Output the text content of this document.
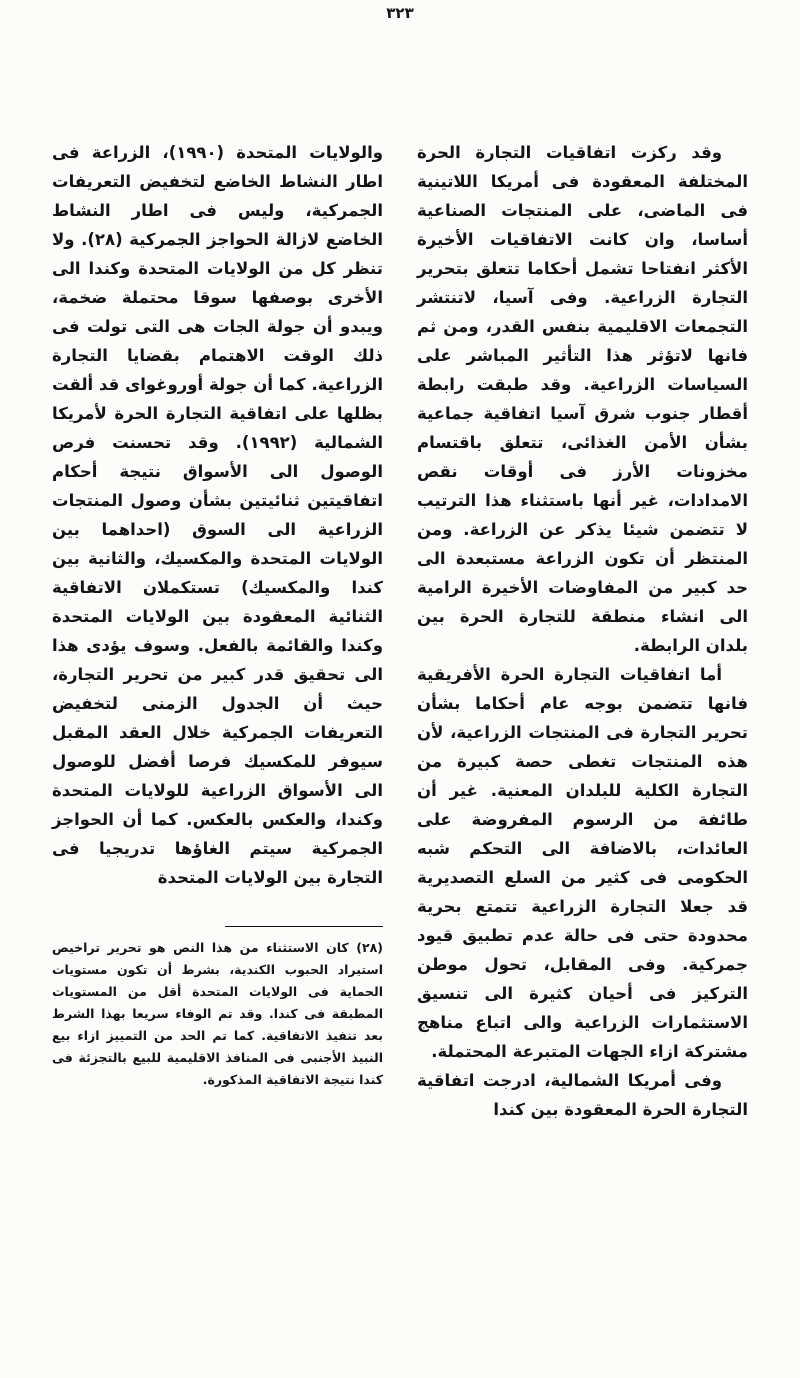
٣٢٣

وقد ركزت اتفاقيات التجارة الحرة المختلفة المعقودة فى أمريكا اللاتينية فى الماضى، على المنتجات الصناعية أساسا، وان كانت الاتفاقيات الأخيرة الأكثر انفتاحا تشمل أحكاما تتعلق بتحرير التجارة الزراعية. وفى آسيا، لاتنتشر التجمعات الاقليمية بنفس القدر، ومن ثم فانها لاتؤثر هذا التأثير المباشر على السياسات الزراعية. وقد طبقت رابطة أقطار جنوب شرق آسيا اتفاقية جماعية بشأن الأمن الغذائى، تتعلق باقتسام مخزونات الأرز فى أوقات نقص الامدادات، غير أنها باستثناء هذا الترتيب لا تتضمن شيئا يذكر عن الزراعة. ومن المنتظر أن تكون الزراعة مستبعدة الى حد كبير من المفاوضات الأخيرة الرامية الى انشاء منطقة للتجارة الحرة بين بلدان الرابطة.

أما اتفاقيات التجارة الحرة الأفريقية فانها تتضمن بوجه عام أحكاما بشأن تحرير التجارة فى المنتجات الزراعية، لأن هذه المنتجات تغطى حصة كبيرة من التجارة الكلية للبلدان المعنية. غير أن طائفة من الرسوم المفروضة على العائدات، بالاضافة الى التحكم شبه الحكومى فى كثير من السلع التصديرية قد جعلا التجارة الزراعية تتمتع بحرية محدودة حتى فى حالة عدم تطبيق قيود جمركية. وفى المقابل، تحول موطن التركيز فى أحيان كثيرة الى تنسيق الاستثمارات الزراعية والى اتباع مناهج مشتركة ازاء الجهات المتبرعة المحتملة.

وفى أمريكا الشمالية، ادرجت اتفاقية التجارة الحرة المعقودة بين كندا

والولايات المتحدة (١٩٩٠)، الزراعة فى اطار النشاط الخاضع لتخفيض التعريفات الجمركية، وليس فى اطار النشاط الخاضع لازالة الحواجز الجمركية (٢٨). ولا تنظر كل من الولايات المتحدة وكندا الى الأخرى بوصفها سوقا محتملة ضخمة، ويبدو أن جولة الجات هى التى تولت فى ذلك الوقت الاهتمام بقضايا التجارة الزراعية. كما أن جولة أوروغواى قد ألقت بظلها على اتفاقية التجارة الحرة لأمريكا الشمالية (١٩٩٢). وقد تحسنت فرص الوصول الى الأسواق نتيجة أحكام اتفاقيتين ثنائيتين بشأن وصول المنتجات الزراعية الى السوق (احداهما بين الولايات المتحدة والمكسيك، والثانية بين كندا والمكسيك) تستكملان الاتفاقية الثنائية المعقودة بين الولايات المتحدة وكندا والقائمة بالفعل. وسوف يؤدى هذا الى تحقيق قدر كبير من تحرير التجارة، حيث أن الجدول الزمنى لتخفيض التعريفات الجمركية خلال العقد المقبل سيوفر للمكسيك فرصا أفضل للوصول الى الأسواق الزراعية للولايات المتحدة وكندا، والعكس بالعكس. كما أن الحواجز الجمركية سيتم الغاؤها تدريجيا فى التجارة بين الولايات المتحدة

(٢٨) كان الاستثناء من هذا النص هو تحرير تراخيص استيراد الحبوب الكندية، بشرط أن تكون مستويات الحماية فى الولايات المتحدة أقل من المستويات المطبقة فى كندا. وقد تم الوفاء سريعا بهذا الشرط بعد تنفيذ الاتفاقية. كما تم الحد من التمييز ازاء بيع النبيذ الأجنبى فى المنافذ الاقليمية للبيع بالتجزئة فى كندا نتيجة الاتفاقية المذكورة.
